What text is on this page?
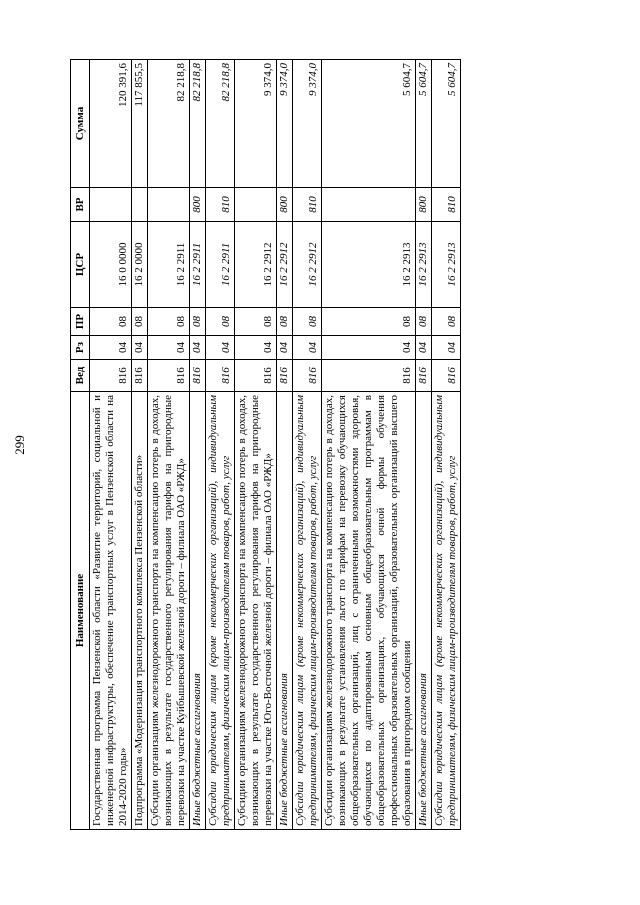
299
Наименование	Вед	Рз	ПР	ЦСР	ВР	Сумма
Государственная программа Пензенской области «Развитие территорий, социальной и инженерной инфраструктуры, обеспечение транспортных услуг в Пензенской области на 2014-2020 годы»	816	04	08	16 0 0000		120 391,6
Подпрограмма «Модернизация транспортного комплекса Пензенской области»	816	04	08	16 2 0000		117 855,5
Субсидии организациям железнодорожного транспорта на компенсацию потерь в доходах, возникающих в результате государственного регулирования тарифов на пригородные перевозки на участке Куйбышевской железной дороги – филиала ОАО «РЖД»	816	04	08	16 2 2911		82 218,8
Иные бюджетные ассигнования	816	04	08	16 2 2911	800	82 218,8
Субсидии юридическим лицам (кроме некоммерческих организаций), индивидуальным предпринимателям, физическим лицам-производителям товаров, работ, услуг	816	04	08	16 2 2911	810	82 218,8
Субсидии организациям железнодорожного транспорта на компенсацию потерь в доходах, возникающих в результате государственного регулирования тарифов на пригородные перевозки на участке Юго-Восточной железной дороги – филиала ОАО «РЖД»	816	04	08	16 2 2912		9 374,0
Иные бюджетные ассигнования	816	04	08	16 2 2912	800	9 374,0
Субсидии юридическим лицам (кроме некоммерческих организаций), индивидуальным предпринимателям, физическим лицам-производителям товаров, работ, услуг	816	04	08	16 2 2912	810	9 374,0
Субсидии организациям железнодорожного транспорта на компенсацию потерь в доходах, возникающих в результате установления льгот по тарифам на перевозку обучающихся общеобразовательных организаций, лиц с ограниченными возможностями здоровья, обучающихся по адаптированным основным общеобразовательным программам в общеобразовательных организациях, обучающихся очной формы обучения профессиональных образовательных организаций, образовательных организаций высшего образования в пригородном сообщении	816	04	08	16 2 2913		5 604,7
Иные бюджетные ассигнования	816	04	08	16 2 2913	800	5 604,7
Субсидии юридическим лицам (кроме некоммерческих организаций), индивидуальным предпринимателям, физическим лицам-производителям товаров, работ, услуг	816	04	08	16 2 2913	810	5 604,7
